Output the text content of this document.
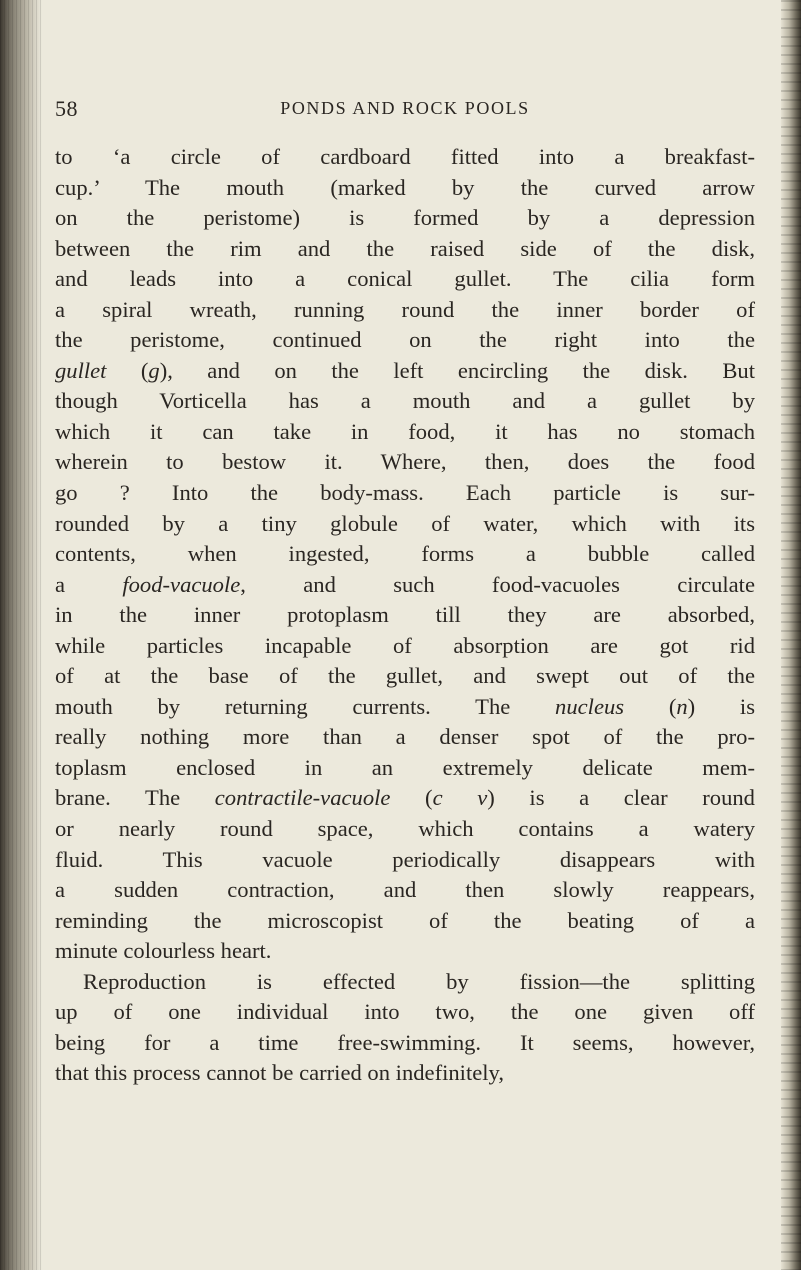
58	PONDS AND ROCK POOLS
to ‘a circle of cardboard fitted into a breakfast-
cup.’ The mouth (marked by the curved arrow
on the peristome) is formed by a depression
between the rim and the raised side of the disk,
and leads into a conical gullet. The cilia form
a spiral wreath, running round the inner border of
the peristome, continued on the right into the
gullet (g), and on the left encircling the disk. But
though Vorticella has a mouth and a gullet by
which it can take in food, it has no stomach
wherein to bestow it. Where, then, does the food
go ? Into the body-mass. Each particle is sur-
rounded by a tiny globule of water, which with its
contents, when ingested, forms a bubble called
a food-vacuole, and such food-vacuoles circulate
in the inner protoplasm till they are absorbed,
while particles incapable of absorption are got rid
of at the base of the gullet, and swept out of the
mouth by returning currents. The nucleus (n) is
really nothing more than a denser spot of the pro-
toplasm enclosed in an extremely delicate mem-
brane. The contractile-vacuole (c v) is a clear round
or nearly round space, which contains a watery
fluid. This vacuole periodically disappears with
a sudden contraction, and then slowly reappears,
reminding the microscopist of the beating of a
minute colourless heart.
Reproduction is effected by fission—the splitting
up of one individual into two, the one given off
being for a time free-swimming. It seems, however,
that this process cannot be carried on indefinitely,
